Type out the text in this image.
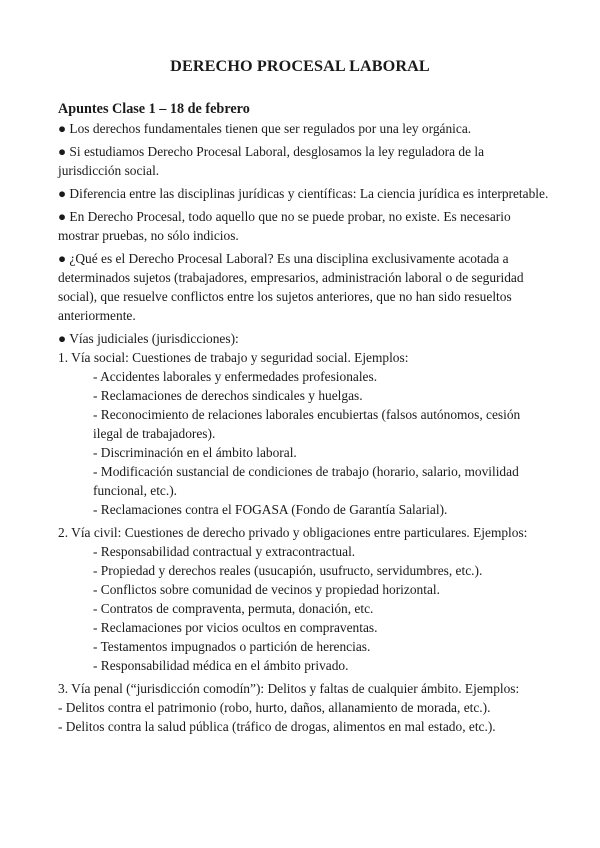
DERECHO PROCESAL LABORAL

Apuntes Clase 1 – 18 de febrero

● Los derechos fundamentales tienen que ser regulados por una ley orgánica.

● Si estudiamos Derecho Procesal Laboral, desglosamos la ley reguladora de la jurisdicción social.

● Diferencia entre las disciplinas jurídicas y científicas: La ciencia jurídica es interpretable.

● En Derecho Procesal, todo aquello que no se puede probar, no existe. Es necesario mostrar pruebas, no sólo indicios.

● ¿Qué es el Derecho Procesal Laboral? Es una disciplina exclusivamente acotada a determinados sujetos (trabajadores, empresarios, administración laboral o de seguridad social), que resuelve conflictos entre los sujetos anteriores, que no han sido resueltos anteriormente.

● Vías judiciales (jurisdicciones):

1. Vía social: Cuestiones de trabajo y seguridad social. Ejemplos:

- Accidentes laborales y enfermedades profesionales.

- Reclamaciones de derechos sindicales y huelgas.

- Reconocimiento de relaciones laborales encubiertas (falsos autónomos, cesión ilegal de trabajadores).

- Discriminación en el ámbito laboral.

- Modificación sustancial de condiciones de trabajo (horario, salario, movilidad funcional, etc.).

- Reclamaciones contra el FOGASA (Fondo de Garantía Salarial).

2. Vía civil: Cuestiones de derecho privado y obligaciones entre particulares. Ejemplos:

- Responsabilidad contractual y extracontractual.

- Propiedad y derechos reales (usucapión, usufructo, servidumbres, etc.).

- Conflictos sobre comunidad de vecinos y propiedad horizontal.

- Contratos de compraventa, permuta, donación, etc.

- Reclamaciones por vicios ocultos en compraventas.

- Testamentos impugnados o partición de herencias.

- Responsabilidad médica en el ámbito privado.

3. Vía penal (“jurisdicción comodín”): Delitos y faltas de cualquier ámbito. Ejemplos:

- Delitos contra el patrimonio (robo, hurto, daños, allanamiento de morada, etc.).

- Delitos contra la salud pública (tráfico de drogas, alimentos en mal estado, etc.).
